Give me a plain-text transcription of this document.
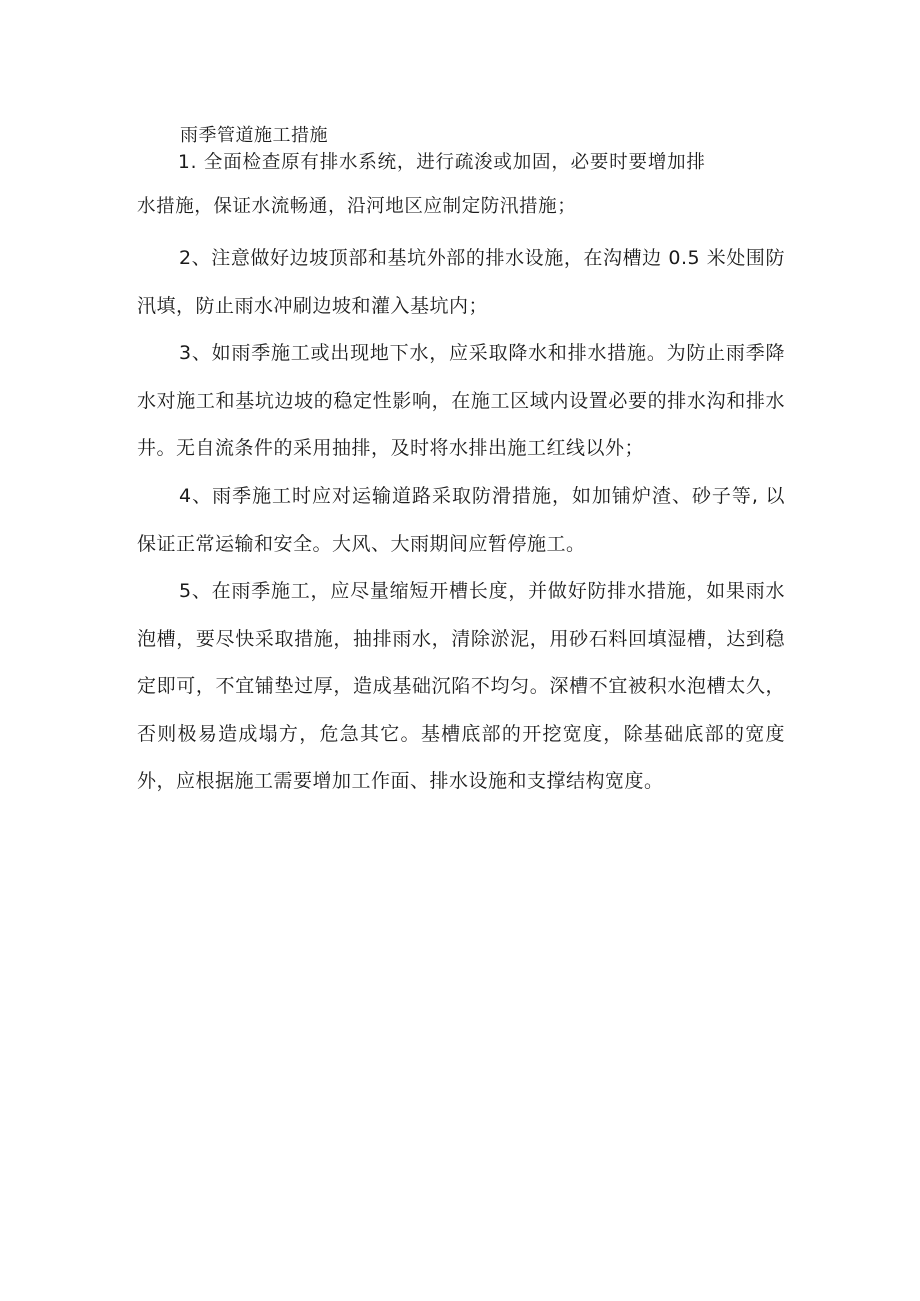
雨季管道施工措施
1. 全面检查原有排水系统，进行疏浚或加固，必要时要增加排
水措施，保证水流畅通，沿河地区应制定防汛措施；
2、注意做好边坡顶部和基坑外部的排水设施，在沟槽边 0.5 米处围防汛填，防止雨水冲刷边坡和灌入基坑内；
3、如雨季施工或出现地下水，应采取降水和排水措施。为防止雨季降水对施工和基坑边坡的稳定性影响，在施工区域内设置必要的排水沟和排水井。无自流条件的采用抽排，及时将水排出施工红线以外；
4、雨季施工时应对运输道路采取防滑措施，如加铺炉渣、砂子等, 以保证正常运输和安全。大风、大雨期间应暂停施工。
5、在雨季施工，应尽量缩短开槽长度，并做好防排水措施，如果雨水泡槽，要尽快采取措施，抽排雨水，清除淤泥，用砂石料回填湿槽，达到稳定即可，不宜铺垫过厚，造成基础沉陷不均匀。深槽不宜被积水泡槽太久，否则极易造成塌方，危急其它。基槽底部的开挖宽度，除基础底部的宽度外，应根据施工需要增加工作面、排水设施和支撑结构宽度。
